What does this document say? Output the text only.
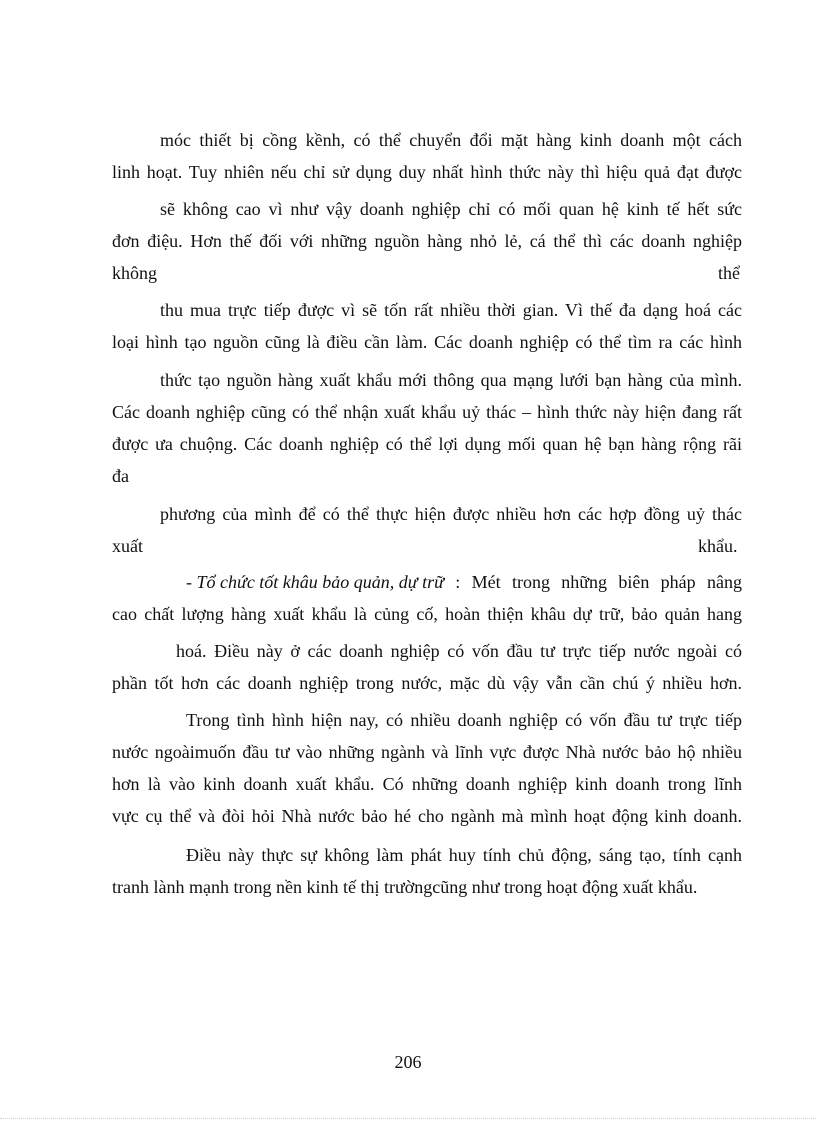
móc thiết bị cồng kềnh, có thể chuyển đổi mặt hàng kinh doanh một cách
linh hoạt. Tuy nhiên nếu chỉ sử dụng duy nhất hình thức này thì hiệu quả đạt được
sẽ không cao vì như vậy doanh nghiệp chỉ có mối quan hệ kinh tế hết sức
đơn điệu. Hơn thế đối với những nguồn hàng nhỏ lẻ, cá thể thì các doanh nghiệp
không	thể
thu mua trực tiếp được vì sẽ tốn rất nhiều thời gian. Vì thế đa dạng hoá các
loại hình tạo nguồn cũng là điều cần làm. Các doanh nghiệp có thể tìm ra các hình
thức tạo nguồn hàng xuất khẩu mới thông qua mạng lưới bạn hàng của mình.
Các doanh nghiệp cũng có thể nhận xuất khẩu uỷ thác – hình thức này hiện đang rất
được ưa chuộng. Các doanh nghiệp có thể lợi dụng mối quan hệ bạn hàng rộng rãi
đa
phương của mình để có thể thực hiện được nhiều hơn các hợp đồng uỷ thác
xuất	khẩu.
- Tổ chức tốt khâu bảo quản, dự trữ : Mét trong những biên pháp nâng
cao chất lượng hàng xuất khẩu là củng cố, hoàn thiện khâu dự trữ, bảo quản hang
hoá. Điều này ở các doanh nghiệp có vốn đầu tư trực tiếp nước ngoài có
phần tốt hơn các doanh nghiệp trong nước, mặc dù vậy vẫn cần chú ý nhiều hơn.
Trong tình hình hiện nay, có nhiều doanh nghiệp có vốn đầu tư trực tiếp
nước ngoàimuốn đầu tư vào những ngành và lĩnh vực được Nhà nước bảo hộ nhiều
hơn là vào kinh doanh xuất khẩu. Có những doanh nghiệp kinh doanh trong lĩnh
vực cụ thể và đòi hỏi Nhà nước bảo hé cho ngành mà mình hoạt động kinh doanh.
Điều này thực sự không làm phát huy tính chủ động, sáng tạo, tính cạnh
tranh lành mạnh trong nền kinh tế thị trườngcũng như trong hoạt động xuất khẩu.
206
